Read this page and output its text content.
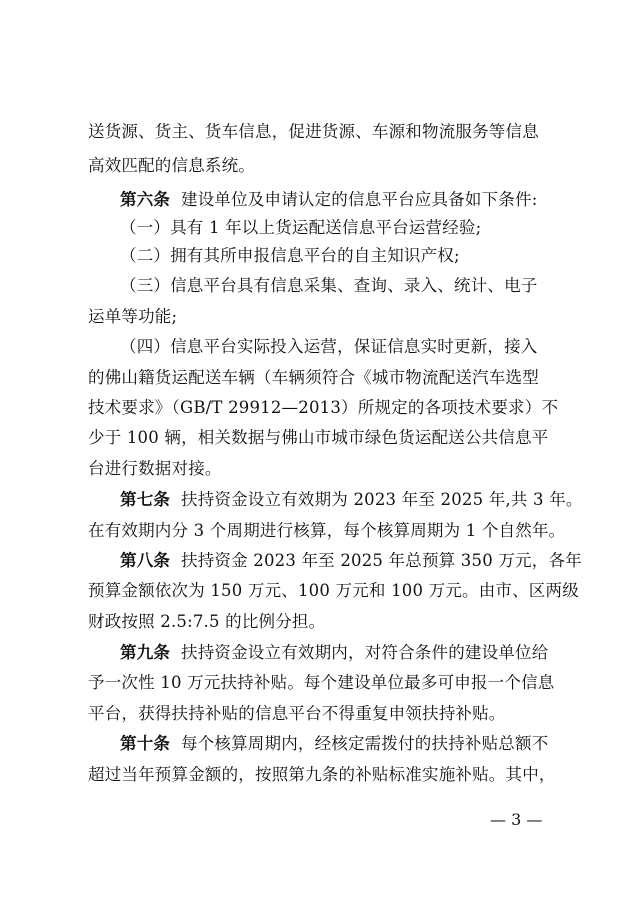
送货源、货主、货车信息，促进货源、车源和物流服务等信息
高效匹配的信息系统。
第六条  建设单位及申请认定的信息平台应具备如下条件:
（一）具有 1 年以上货运配送信息平台运营经验;
（二）拥有其所申报信息平台的自主知识产权;
（三）信息平台具有信息采集、查询、录入、统计、电子
运单等功能;
（四）信息平台实际投入运营，保证信息实时更新，接入
的佛山籍货运配送车辆（车辆须符合《城市物流配送汽车选型
技术要求》（GB/T 29912—2013）所规定的各项技术要求）不
少于 100 辆，相关数据与佛山市城市绿色货运配送公共信息平
台进行数据对接。
第七条  扶持资金设立有效期为 2023 年至 2025 年,共 3 年。
在有效期内分 3 个周期进行核算，每个核算周期为 1 个自然年。
第八条  扶持资金 2023 年至 2025 年总预算 350 万元，各年
预算金额依次为 150 万元、100 万元和 100 万元。由市、区两级
财政按照 2.5:7.5 的比例分担。
第九条  扶持资金设立有效期内，对符合条件的建设单位给
予一次性 10 万元扶持补贴。每个建设单位最多可申报一个信息
平台，获得扶持补贴的信息平台不得重复申领扶持补贴。
第十条  每个核算周期内，经核定需拨付的扶持补贴总额不
超过当年预算金额的，按照第九条的补贴标准实施补贴。其中，
— 3 —
